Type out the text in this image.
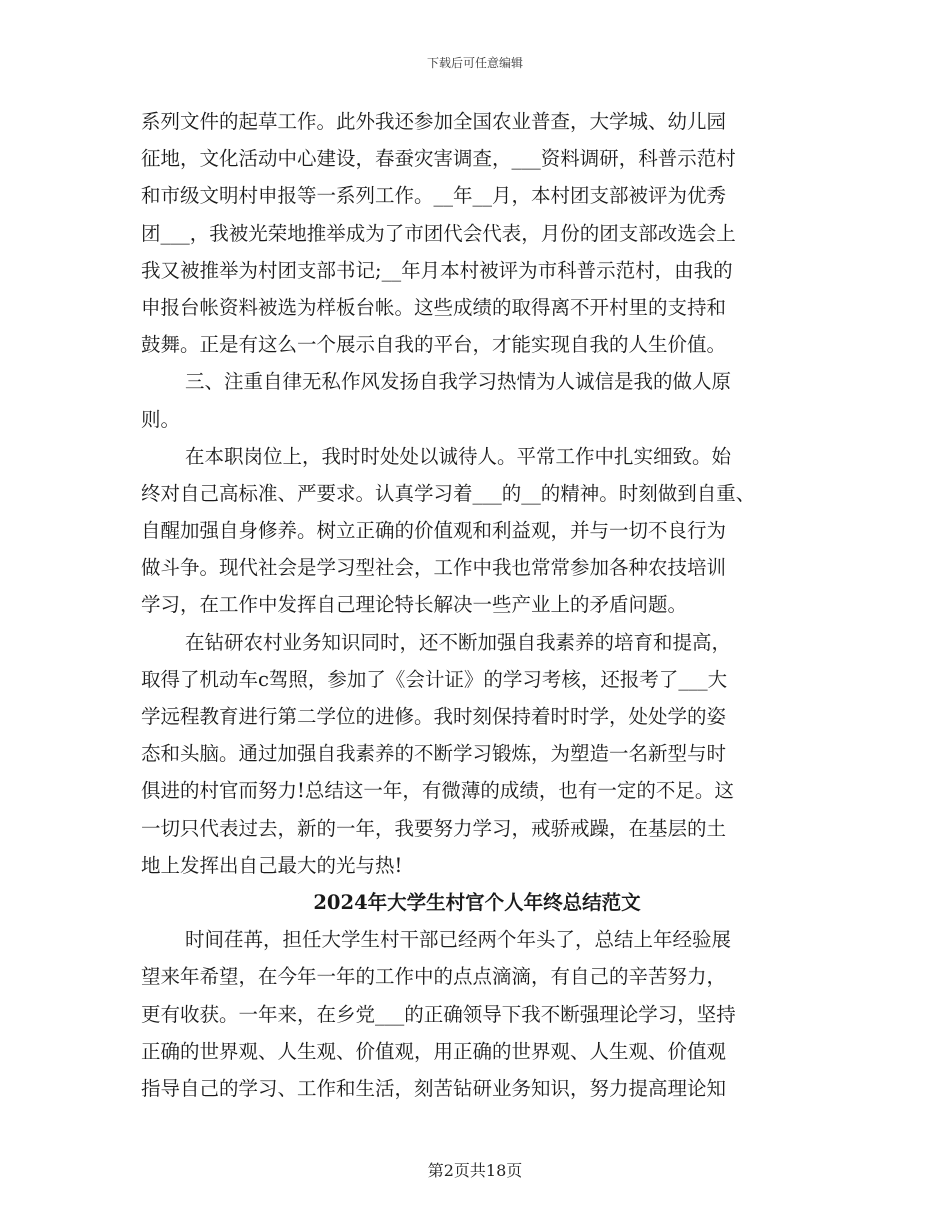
下载后可任意编辑
系列文件的起草工作。此外我还参加全国农业普查，大学城、幼儿园
征地，文化活动中心建设，春蚕灾害调查，___资料调研，科普示范村
和市级文明村申报等一系列工作。__年__月，本村团支部被评为优秀
团___，我被光荣地推举成为了市团代会代表，月份的团支部改选会上
我又被推举为村团支部书记;__年月本村被评为市科普示范村，由我的
申报台帐资料被选为样板台帐。这些成绩的取得离不开村里的支持和
鼓舞。正是有这么一个展示自我的平台，才能实现自我的人生价值。
三、注重自律无私作风发扬自我学习热情为人诚信是我的做人原
则。
在本职岗位上，我时时处处以诚待人。平常工作中扎实细致。始
终对自己高标准、严要求。认真学习着___的__的精神。时刻做到自重、
自醒加强自身修养。树立正确的价值观和利益观，并与一切不良行为
做斗争。现代社会是学习型社会，工作中我也常常参加各种农技培训
学习，在工作中发挥自己理论特长解决一些产业上的矛盾问题。
在钻研农村业务知识同时，还不断加强自我素养的培育和提高，
取得了机动车c驾照，参加了《会计证》的学习考核，还报考了___大
学远程教育进行第二学位的进修。我时刻保持着时时学，处处学的姿
态和头脑。通过加强自我素养的不断学习锻炼，为塑造一名新型与时
俱进的村官而努力!总结这一年，有微薄的成绩，也有一定的不足。这
一切只代表过去，新的一年，我要努力学习，戒骄戒躁，在基层的土
地上发挥出自己最大的光与热!
2024年大学生村官个人年终总结范文
时间荏苒，担任大学生村干部已经两个年头了，总结上年经验展
望来年希望，在今年一年的工作中的点点滴滴，有自己的辛苦努力，
更有收获。一年来，在乡党___的正确领导下我不断强理论学习，坚持
正确的世界观、人生观、价值观，用正确的世界观、人生观、价值观
指导自己的学习、工作和生活，刻苦钻研业务知识，努力提高理论知
第2页共18页
